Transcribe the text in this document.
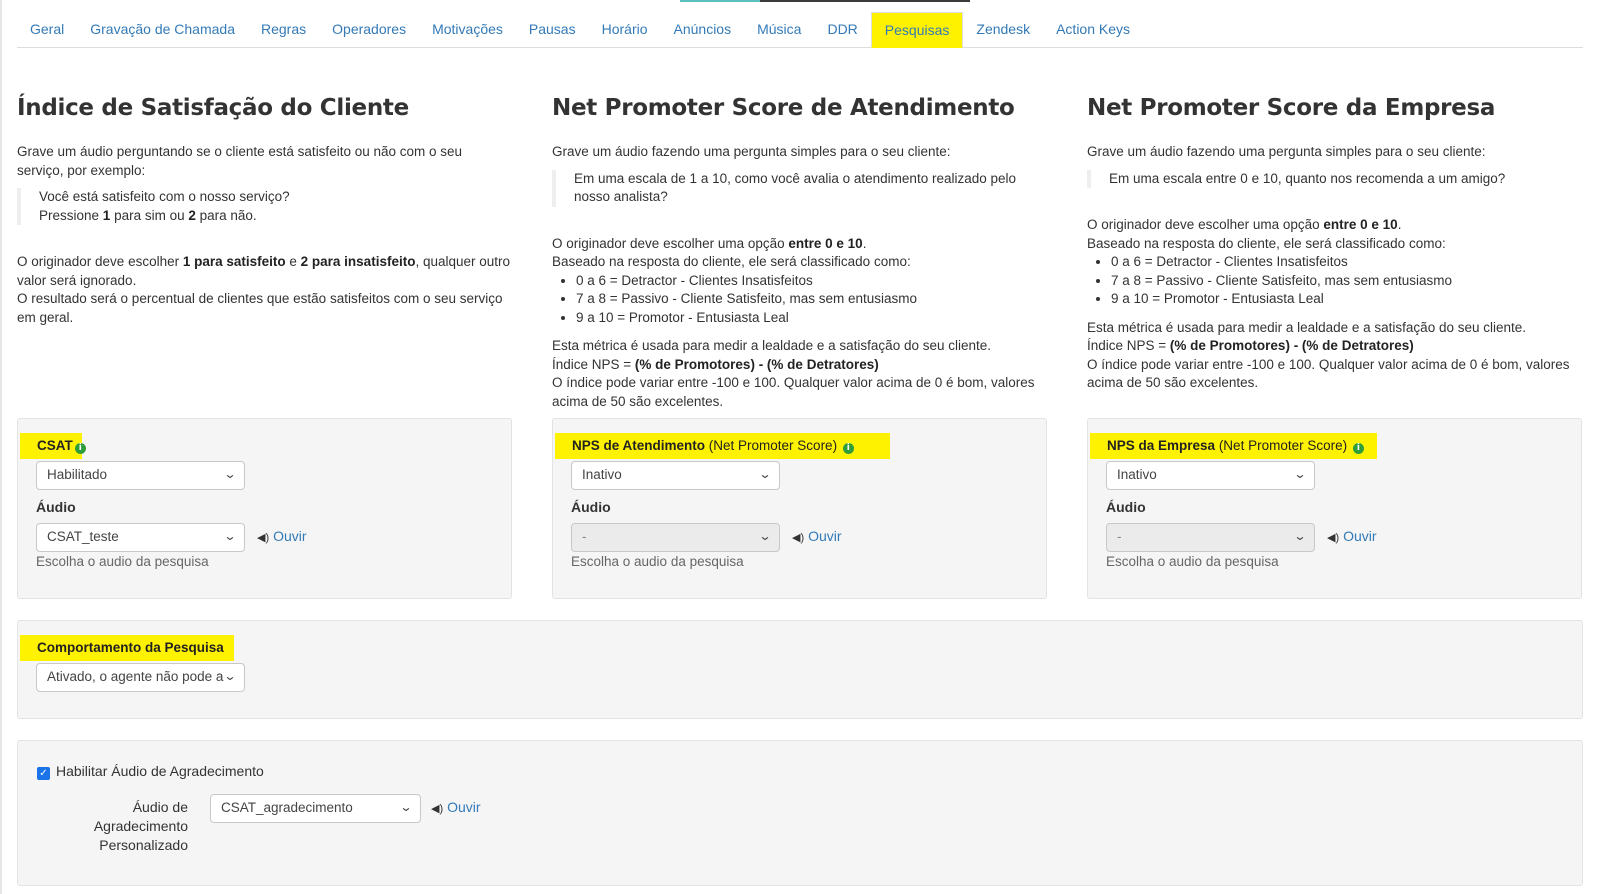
Geral	Gravação de Chamada	Regras	Operadores	Motivações	Pausas	Horário	Anúncios	Música	DDR	Pesquisas	Zendesk	Action Keys
Índice de Satisfação do Cliente

Grave um áudio perguntando se o cliente está satisfeito ou não com o seu serviço, por exemplo:

Você está satisfeito com o nosso serviço?
Pressione 1 para sim ou 2 para não.

O originador deve escolher 1 para satisfeito e 2 para insatisfeito, qualquer outro valor será ignorado.

O resultado será o percentual de clientes que estão satisfeitos com o seu serviço em geral.

Net Promoter Score de Atendimento

Grave um áudio fazendo uma pergunta simples para o seu cliente:

Em uma escala de 1 a 10, como você avalia o atendimento realizado pelo nosso analista?

O originador deve escolher uma opção entre 0 e 10.

Baseado na resposta do cliente, ele será classificado como:

• 0 a 6 = Detractor - Clientes Insatisfeitos
• 7 a 8 = Passivo - Cliente Satisfeito, mas sem entusiasmo
• 9 a 10 = Promotor - Entusiasta Leal

Esta métrica é usada para medir a lealdade e a satisfação do seu cliente.

Índice NPS = (% de Promotores) - (% de Detratores)

O índice pode variar entre -100 e 100. Qualquer valor acima de 0 é bom, valores acima de 50 são excelentes.

Net Promoter Score da Empresa

Grave um áudio fazendo uma pergunta simples para o seu cliente:

Em uma escala entre 0 e 10, quanto nos recomenda a um amigo?

O originador deve escolher uma opção entre 0 e 10.

Baseado na resposta do cliente, ele será classificado como:

• 0 a 6 = Detractor - Clientes Insatisfeitos
• 7 a 8 = Passivo - Cliente Satisfeito, mas sem entusiasmo
• 9 a 10 = Promotor - Entusiasta Leal

Esta métrica é usada para medir a lealdade e a satisfação do seu cliente.

Índice NPS = (% de Promotores) - (% de Detratores)

O índice pode variar entre -100 e 100. Qualquer valor acima de 0 é bom, valores acima de 50 são excelentes.

CSAT i
Habilitado	⌄
Áudio
CSAT_teste	⌄ ◀) Ouvir
Escolha o audio da pesquisa
NPS de Atendimento (Net Promoter Score) i
Inativo	⌄
Áudio
-	⌄ ◀) Ouvir
Escolha o audio da pesquisa
NPS da Empresa (Net Promoter Score) i
Inativo	⌄
Áudio
-	⌄ ◀) Ouvir
Escolha o audio da pesquisa
Comportamento da Pesquisa
Ativado, o agente não pode a ⌄
✓ Habilitar Áudio de Agradecimento
Áudio de Agradecimento Personalizado
CSAT_agradecimento	⌄ ◀) Ouvir
